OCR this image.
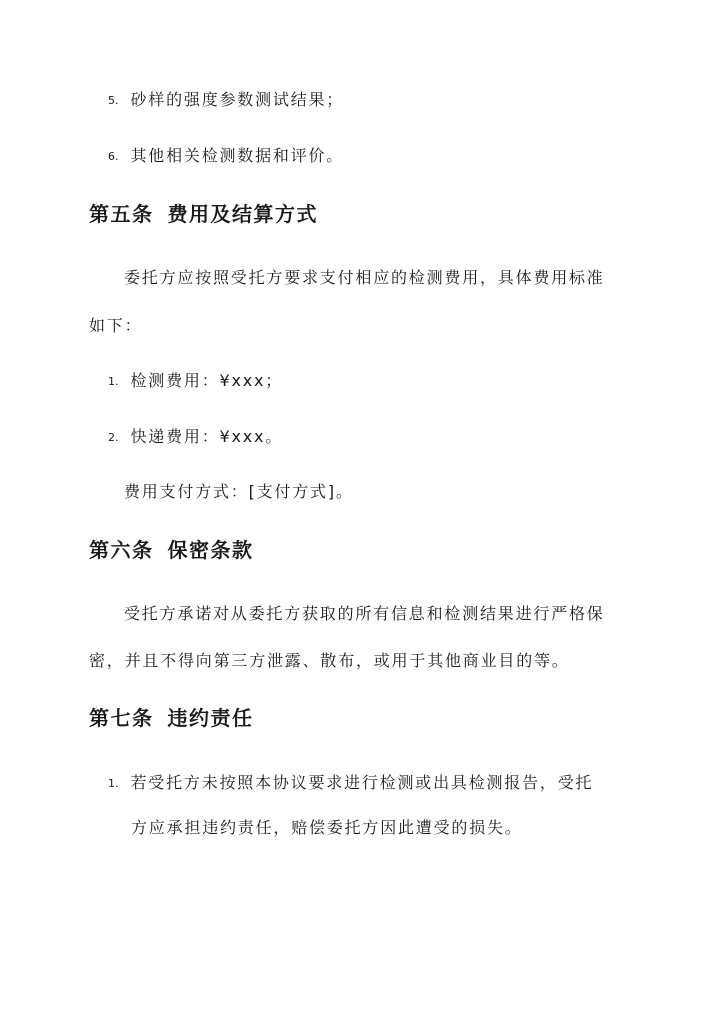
5. 砂样的强度参数测试结果；
6. 其他相关检测数据和评价。
第五条 费用及结算方式
委托方应按照受托方要求支付相应的检测费用，具体费用标准
如下：
1. 检测费用：¥xxx；
2. 快递费用：¥xxx。
费用支付方式：[支付方式]。
第六条 保密条款
受托方承诺对从委托方获取的所有信息和检测结果进行严格保
密，并且不得向第三方泄露、散布，或用于其他商业目的等。
第七条 违约责任
1. 若受托方未按照本协议要求进行检测或出具检测报告，受托
方应承担违约责任，赔偿委托方因此遭受的损失。
